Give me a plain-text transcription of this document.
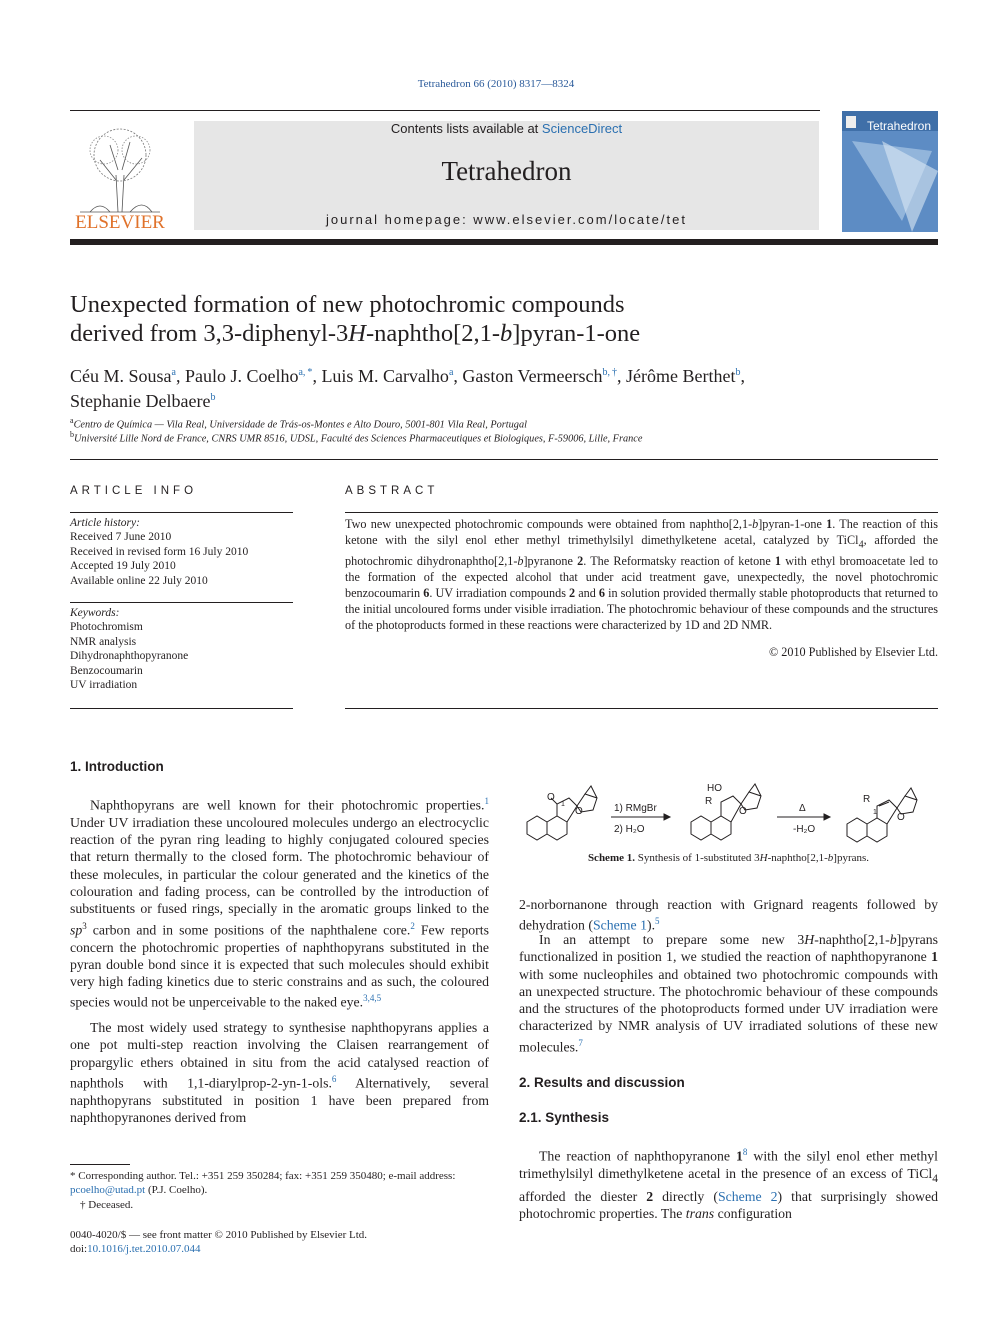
Tetrahedron 66 (2010) 8317—8324
ELSEVIER
Contents lists available at ScienceDirect
Tetrahedron
journal homepage: www.elsevier.com/locate/tet
Tetrahedron
Unexpected formation of new photochromic compounds
derived from 3,3-diphenyl-3H-naphtho[2,1-b]pyran-1-one
Céu M. Sousa$^a$, Paulo J. Coelho$^{a, *}$, Luis M. Carvalho$^a$, Gaston Vermeersch$^{b, \dagger}$, Jérôme Berthet$^b$,
Stephanie Delbaere$^b$
$^a$Centro de Química — Vila Real, Universidade de Trás-os-Montes e Alto Douro, 5001-801 Vila Real, Portugal
$^b$Université Lille Nord de France, CNRS UMR 8516, UDSL, Faculté des Sciences Pharmaceutiques et Biologiques, F-59006, Lille, France
ARTICLE INFO
Article history:
Received 7 June 2010
Received in revised form 16 July 2010
Accepted 19 July 2010
Available online 22 July 2010
Keywords:
Photochromism
NMR analysis
Dihydronaphthopyranone
Benzocoumarin
UV irradiation
ABSTRACT
Two new unexpected photochromic compounds were obtained from naphtho[2,1-b]pyran-1-one 1. The reaction of this ketone with the silyl enol ether methyl trimethylsilyl dimethylketene acetal, catalyzed by TiCl$_4$, afforded the photochromic dihydronaphtho[2,1-b]pyranone 2. The Reformatsky reaction of ketone 1 with ethyl bromoacetate led to the formation of the expected alcohol that under acid treatment gave, unexpectedly, the novel photochromic benzocoumarin 6. UV irradiation compounds 2 and 6 in solution provided thermally stable photoproducts that returned to the initial uncoloured forms under visible irradiation. The photochromic behaviour of these compounds and the structures of the photoproducts formed in these reactions were characterized by 1D and 2D NMR.
© 2010 Published by Elsevier Ltd.
1. Introduction
Naphthopyrans are well known for their photochromic properties.$^1$ Under UV irradiation these uncoloured molecules undergo an electrocyclic reaction of the pyran ring leading to highly conjugated coloured species that return thermally to the closed form. The photochromic behaviour of these molecules, in particular the colour generated and the kinetics of the colouration and fading process, can be controlled by the introduction of substituents or fused rings, specially in the aromatic groups linked to the $sp^3$ carbon and in some positions of the naphthalene core.$^2$ Few reports concern the photochromic properties of naphthopyrans substituted in the pyran double bond since it is expected that such molecules should exhibit very high fading kinetics due to steric constrains and as such, the coloured species would not be unperceivable to the naked eye.$^{3,4,5}$
The most widely used strategy to synthesise naphthopyrans applies a one pot multi-step reaction involving the Claisen rearrangement of propargylic ethers obtained in situ from the acid catalysed reaction of naphthols with 1,1-diarylprop-2-yn-1-ols.$^6$ Alternatively, several naphthopyrans substituted in position 1 have been prepared from naphthopyranones derived from
* Corresponding author. Tel.: +351 259 350284; fax: +351 259 350480; e-mail address: pcoelho@utad.pt (P.J. Coelho).
† Deceased.
0040-4020/$ — see front matter © 2010 Published by Elsevier Ltd.
doi:10.1016/j.tet.2010.07.044
O
O
1	1) RMgBr
2) H₂O
HO
R
O	Δ
-H₂O
R
1 O
Scheme 1. Synthesis of 1-substituted 3H-naphtho[2,1-b]pyrans.
2-norbornanone through reaction with Grignard reagents followed by dehydration (Scheme 1).$^5$
In an attempt to prepare some new 3H-naphtho[2,1-b]pyrans functionalized in position 1, we studied the reaction of naphthopyranone 1 with some nucleophiles and obtained two photochromic compounds with an unexpected structure. The photochromic behaviour of these compounds and the structures of the photoproducts formed under UV irradiation were characterized by NMR analysis of UV irradiated solutions of these new molecules.$^7$
2. Results and discussion
2.1. Synthesis
The reaction of naphthopyranone $1^8$ with the silyl enol ether methyl trimethylsilyl dimethylketene acetal in the presence of an excess of TiCl$_4$ afforded the diester 2 directly (Scheme 2) that surprisingly showed photochromic properties. The trans configuration
